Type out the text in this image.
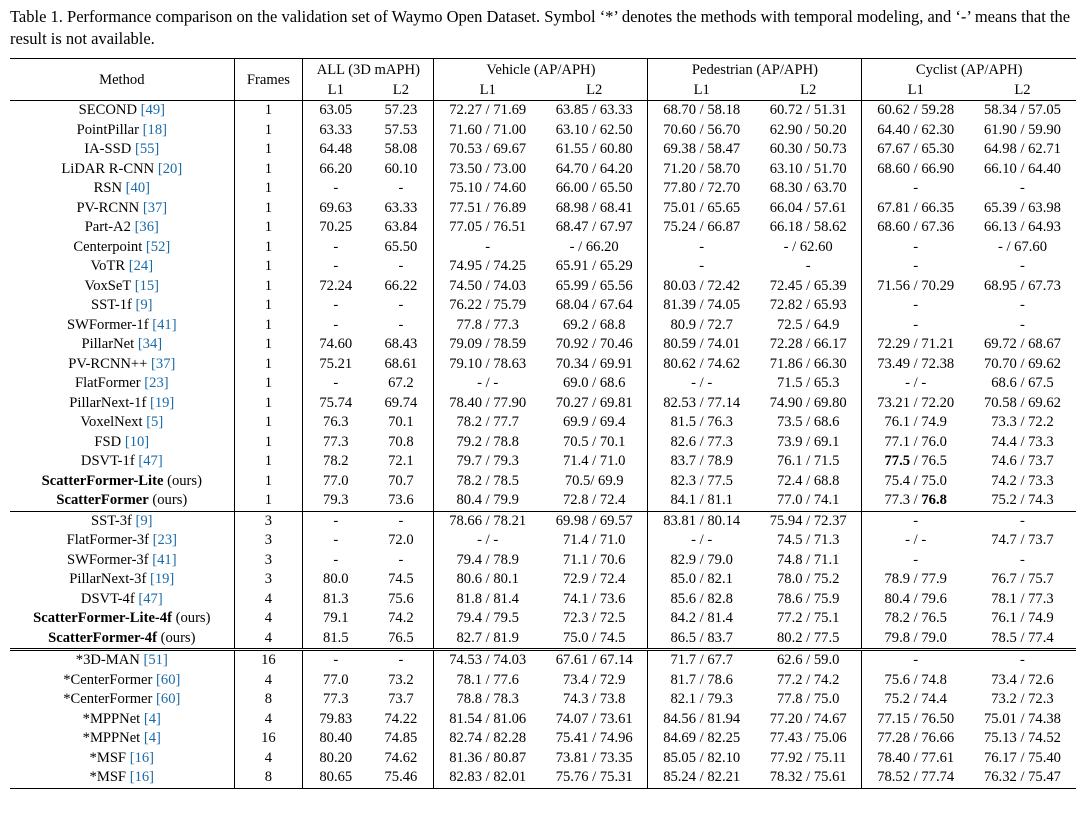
Table 1. Performance comparison on the validation set of Waymo Open Dataset. Symbol ‘*’ denotes the methods with temporal modeling, and ‘-’ means that the result is not available.
Method	Frames	ALL (3D mAPH)		Vehicle (AP/APH)		Pedestrian (AP/APH)		Cyclist (AP/APH)	
		L1	L2	L1	L2	L1	L2	L1	L2
SECOND [49]	1	63.05	57.23	72.27 / 71.69	63.85 / 63.33	68.70 / 58.18	60.72 / 51.31	60.62 / 59.28	58.34 / 57.05
PointPillar [18]	1	63.33	57.53	71.60 / 71.00	63.10 / 62.50	70.60 / 56.70	62.90 / 50.20	64.40 / 62.30	61.90 / 59.90
IA-SSD [55]	1	64.48	58.08	70.53 / 69.67	61.55 / 60.80	69.38 / 58.47	60.30 / 50.73	67.67 / 65.30	64.98 / 62.71
LiDAR R-CNN [20]	1	66.20	60.10	73.50 / 73.00	64.70 / 64.20	71.20 / 58.70	63.10 / 51.70	68.60 / 66.90	66.10 / 64.40
RSN [40]	1	-	-	75.10 / 74.60	66.00 / 65.50	77.80 / 72.70	68.30 / 63.70	-	-
PV-RCNN [37]	1	69.63	63.33	77.51 / 76.89	68.98 / 68.41	75.01 / 65.65	66.04 / 57.61	67.81 / 66.35	65.39 / 63.98
Part-A2 [36]	1	70.25	63.84	77.05 / 76.51	68.47 / 67.97	75.24 / 66.87	66.18 / 58.62	68.60 / 67.36	66.13 / 64.93
Centerpoint [52]	1	-	65.50	-	- / 66.20	-	- / 62.60	-	- / 67.60
VoTR [24]	1	-	-	74.95 / 74.25	65.91 / 65.29	-	-	-	-
VoxSeT [15]	1	72.24	66.22	74.50 / 74.03	65.99 / 65.56	80.03 / 72.42	72.45 / 65.39	71.56 / 70.29	68.95 / 67.73
SST-1f [9]	1	-	-	76.22 / 75.79	68.04 / 67.64	81.39 / 74.05	72.82 / 65.93	-	-
SWFormer-1f [41]	1	-	-	77.8 / 77.3	69.2 / 68.8	80.9 / 72.7	72.5 / 64.9	-	-
PillarNet [34]	1	74.60	68.43	79.09 / 78.59	70.92 / 70.46	80.59 / 74.01	72.28 / 66.17	72.29 / 71.21	69.72 / 68.67
PV-RCNN++ [37]	1	75.21	68.61	79.10 / 78.63	70.34 / 69.91	80.62 / 74.62	71.86 / 66.30	73.49 / 72.38	70.70 / 69.62
FlatFormer [23]	1	-	67.2	- / -	69.0 / 68.6	- / -	71.5 / 65.3	- / -	68.6 / 67.5
PillarNext-1f [19]	1	75.74	69.74	78.40 / 77.90	70.27 / 69.81	82.53 / 77.14	74.90 / 69.80	73.21 / 72.20	70.58 / 69.62
VoxelNext [5]	1	76.3	70.1	78.2 / 77.7	69.9 / 69.4	81.5 / 76.3	73.5 / 68.6	76.1 / 74.9	73.3 / 72.2
FSD [10]	1	77.3	70.8	79.2 / 78.8	70.5 / 70.1	82.6 / 77.3	73.9 / 69.1	77.1 / 76.0	74.4 / 73.3
DSVT-1f [47]	1	78.2	72.1	79.7 / 79.3	71.4 / 71.0	83.7 / 78.9	76.1 / 71.5	77.5 / 76.5	74.6 / 73.7
ScatterFormer-Lite (ours)	1	77.0	70.7	78.2 / 78.5	70.5/ 69.9	82.3 / 77.5	72.4 / 68.8	75.4 / 75.0	74.2 / 73.3
ScatterFormer (ours)	1	79.3	73.6	80.4 / 79.9	72.8 / 72.4	84.1 / 81.1	77.0 / 74.1	77.3 / 76.8	75.2 / 74.3
SST-3f [9]	3	-	-	78.66 / 78.21	69.98 / 69.57	83.81 / 80.14	75.94 / 72.37	-	-
FlatFormer-3f [23]	3	-	72.0	- / -	71.4 / 71.0	- / -	74.5 / 71.3	- / -	74.7 / 73.7
SWFormer-3f [41]	3	-	-	79.4 / 78.9	71.1 / 70.6	82.9 / 79.0	74.8 / 71.1	-	-
PillarNext-3f [19]	3	80.0	74.5	80.6 / 80.1	72.9 / 72.4	85.0 / 82.1	78.0 / 75.2	78.9 / 77.9	76.7 / 75.7
DSVT-4f [47]	4	81.3	75.6	81.8 / 81.4	74.1 / 73.6	85.6 / 82.8	78.6 / 75.9	80.4 / 79.6	78.1 / 77.3
ScatterFormer-Lite-4f (ours)	4	79.1	74.2	79.4 / 79.5	72.3 / 72.5	84.2 / 81.4	77.2 / 75.1	78.2 / 76.5	76.1 / 74.9
ScatterFormer-4f (ours)	4	81.5	76.5	82.7 / 81.9	75.0 / 74.5	86.5 / 83.7	80.2 / 77.5	79.8 / 79.0	78.5 / 77.4
*3D-MAN [51]	16	-	-	74.53 / 74.03	67.61 / 67.14	71.7 / 67.7	62.6 / 59.0	-	-
*CenterFormer [60]	4	77.0	73.2	78.1 / 77.6	73.4 / 72.9	81.7 / 78.6	77.2 / 74.2	75.6 / 74.8	73.4 / 72.6
*CenterFormer [60]	8	77.3	73.7	78.8 / 78.3	74.3 / 73.8	82.1 / 79.3	77.8 / 75.0	75.2 / 74.4	73.2 / 72.3
*MPPNet [4]	4	79.83	74.22	81.54 / 81.06	74.07 / 73.61	84.56 / 81.94	77.20 / 74.67	77.15 / 76.50	75.01 / 74.38
*MPPNet [4]	16	80.40	74.85	82.74 / 82.28	75.41 / 74.96	84.69 / 82.25	77.43 / 75.06	77.28 / 76.66	75.13 / 74.52
*MSF [16]	4	80.20	74.62	81.36 / 80.87	73.81 / 73.35	85.05 / 82.10	77.92 / 75.11	78.40 / 77.61	76.17 / 75.40
*MSF [16]	8	80.65	75.46	82.83 / 82.01	75.76 / 75.31	85.24 / 82.21	78.32 / 75.61	78.52 / 77.74	76.32 / 75.47
